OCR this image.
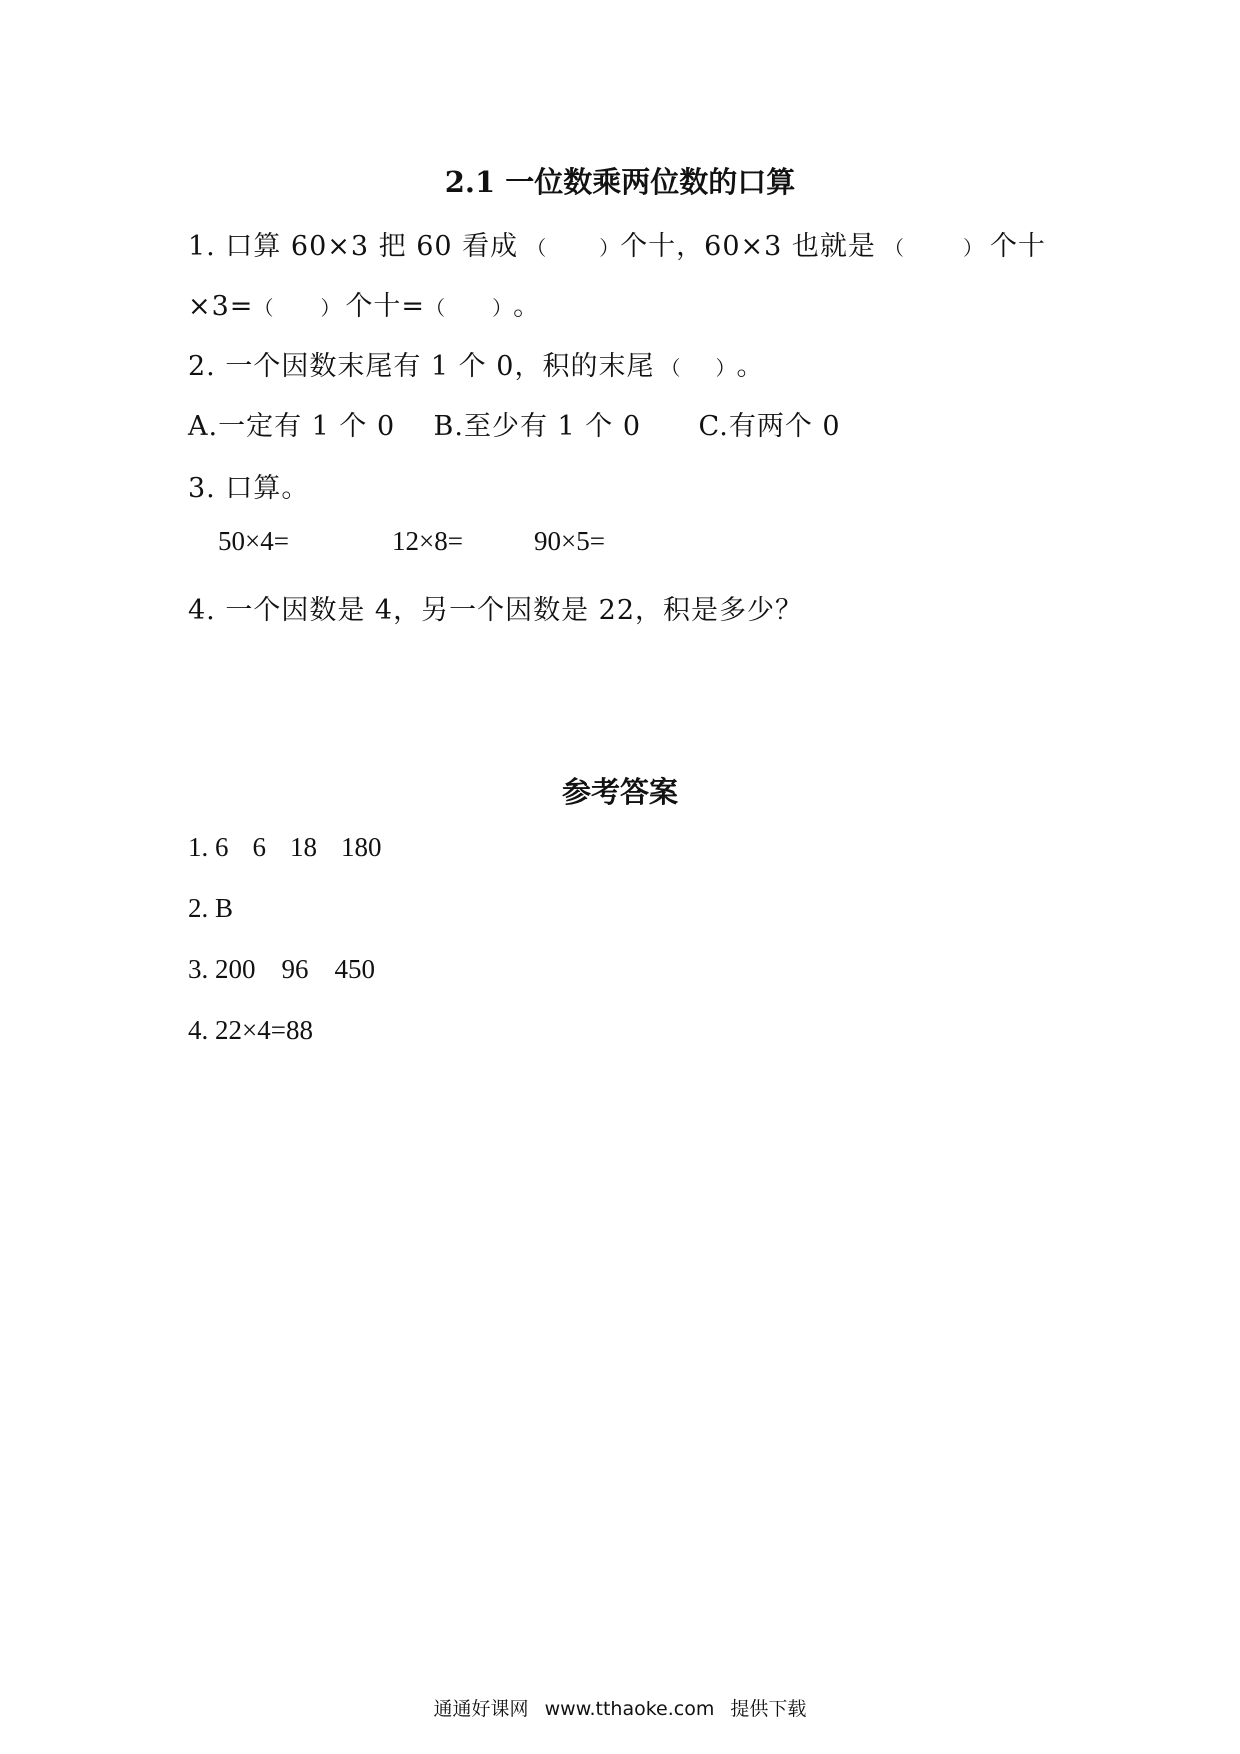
2.1 一位数乘两位数的口算
1. 口算 60×3 把 60 看成 （	）个十，60×3 也就是 （	） 个十
×3=（ ） 个十=（ ）。
2. 一个因数末尾有 1 个 0，积的末尾 （ ）。
A.一定有 1 个 0    B.至少有 1 个 0      C.有两个 0
3. 口算。
50×4=	12×8=	90×5=
4. 一个因数是 4，另一个因数是 22，积是多少？
参考答案
1. 6 6 18 180
2. B
3. 200 96 450
4. 22×4=88
通通好课网 www.tthaoke.com 提供下载
